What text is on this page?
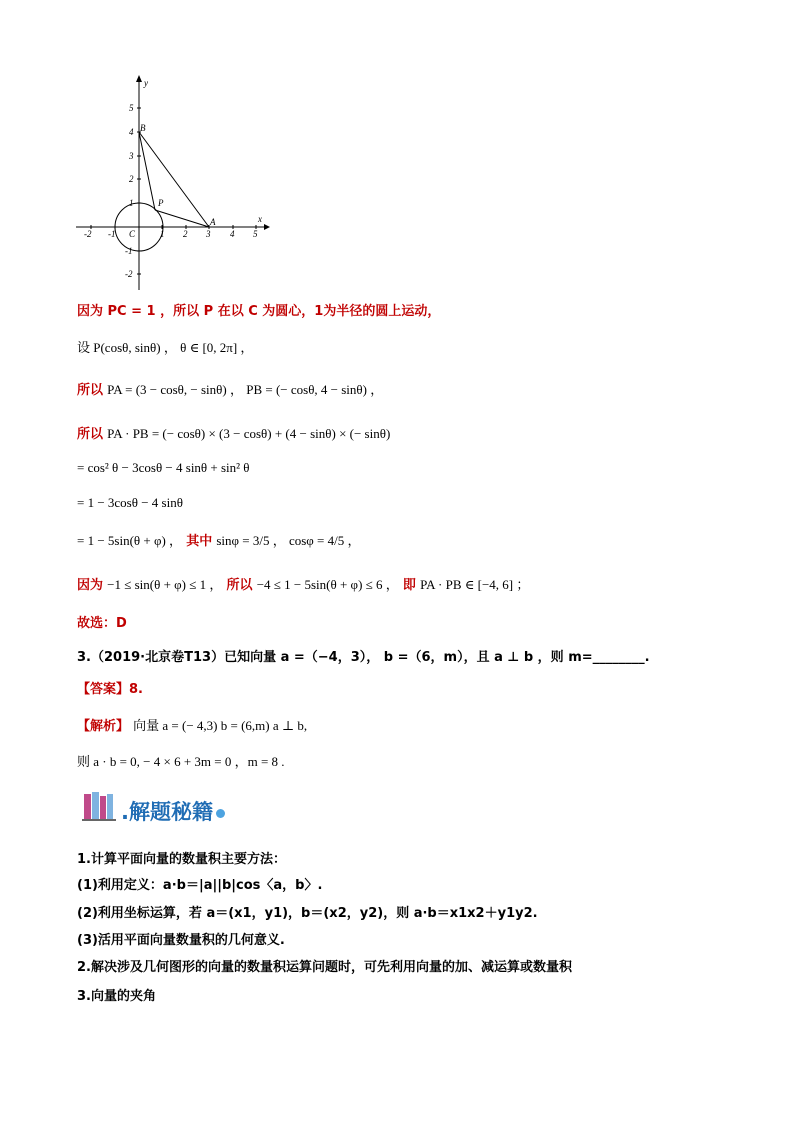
-2 -1 C	1 2 3 4 5
5
4
3
2
1
-1
-2
x
y
B
P
A
因为 PC = 1 ，所以 P 在以 C 为圆心，1为半径的圆上运动，
设 P(cosθ, sinθ) ， θ ∈ [0, 2π] ，
所以 PA = (3 − cosθ, − sinθ) ， PB = (− cosθ, 4 − sinθ) ，
所以 PA · PB = (− cosθ) × (3 − cosθ) + (4 − sinθ) × (− sinθ)
= cos² θ − 3cosθ − 4 sinθ + sin² θ
= 1 − 3cosθ − 4 sinθ
= 1 − 5sin(θ + φ) ， 其中 sinφ = 3/5 ， cosφ = 4/5 ，
因为 −1 ≤ sin(θ + φ) ≤ 1 ， 所以 −4 ≤ 1 − 5sin(θ + φ) ≤ 6 ， 即 PA · PB ∈ [−4, 6] ；
故选：D
3.（2019·北京卷T13）已知向量 a =（−4，3）， b =（6，m），且 a ⊥ b ，则 m=________.
【答案】8.
【解析】 向量 a = (− 4,3) b = (6,m) a ⊥ b,
则 a · b = 0, − 4 × 6 + 3m = 0 ，m = 8 .
.解题秘籍
1.计算平面向量的数量积主要方法：
(1)利用定义：a·b＝|a||b|cos〈a，b〉.
(2)利用坐标运算，若 a＝(x1，y1)，b＝(x2，y2)，则 a·b＝x1x2＋y1y2.
(3)活用平面向量数量积的几何意义.
2.解决涉及几何图形的向量的数量积运算问题时，可先利用向量的加、减运算或数量积
3.向量的夹角
